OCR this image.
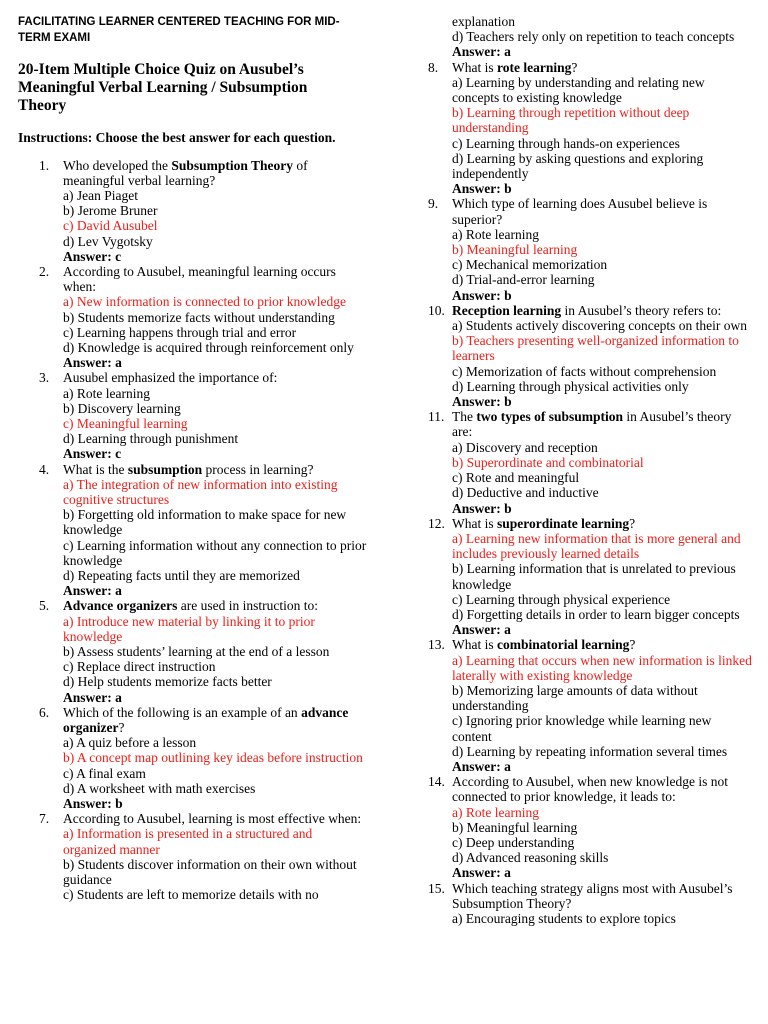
FACILITATING LEARNER CENTERED TEACHING FOR MID-TERM EXAMI
20-Item Multiple Choice Quiz on Ausubel’s Meaningful Verbal Learning / Subsumption Theory
Instructions: Choose the best answer for each question.
1. Who developed the Subsumption Theory of meaningful verbal learning?
a) Jean Piaget
b) Jerome Bruner
c) David Ausubel
d) Lev Vygotsky
Answer: c
2. According to Ausubel, meaningful learning occurs when:
a) New information is connected to prior knowledge
b) Students memorize facts without understanding
c) Learning happens through trial and error
d) Knowledge is acquired through reinforcement only
Answer: a
3. Ausubel emphasized the importance of:
a) Rote learning
b) Discovery learning
c) Meaningful learning
d) Learning through punishment
Answer: c
4. What is the subsumption process in learning?
a) The integration of new information into existing cognitive structures
b) Forgetting old information to make space for new knowledge
c) Learning information without any connection to prior knowledge
d) Repeating facts until they are memorized
Answer: a
5. Advance organizers are used in instruction to:
a) Introduce new material by linking it to prior knowledge
b) Assess students’ learning at the end of a lesson
c) Replace direct instruction
d) Help students memorize facts better
Answer: a
6. Which of the following is an example of an advance organizer?
a) A quiz before a lesson
b) A concept map outlining key ideas before instruction
c) A final exam
d) A worksheet with math exercises
Answer: b
7. According to Ausubel, learning is most effective when:
a) Information is presented in a structured and organized manner
b) Students discover information on their own without guidance
c) Students are left to memorize details with no
explanation
d) Teachers rely only on repetition to teach concepts
Answer: a
8. What is rote learning?
a) Learning by understanding and relating new concepts to existing knowledge
b) Learning through repetition without deep understanding
c) Learning through hands-on experiences
d) Learning by asking questions and exploring independently
Answer: b
9. Which type of learning does Ausubel believe is superior?
a) Rote learning
b) Meaningful learning
c) Mechanical memorization
d) Trial-and-error learning
Answer: b
10. Reception learning in Ausubel’s theory refers to:
a) Students actively discovering concepts on their own
b) Teachers presenting well-organized information to learners
c) Memorization of facts without comprehension
d) Learning through physical activities only
Answer: b
11. The two types of subsumption in Ausubel’s theory are:
a) Discovery and reception
b) Superordinate and combinatorial
c) Rote and meaningful
d) Deductive and inductive
Answer: b
12. What is superordinate learning?
a) Learning new information that is more general and includes previously learned details
b) Learning information that is unrelated to previous knowledge
c) Learning through physical experience
d) Forgetting details in order to learn bigger concepts
Answer: a
13. What is combinatorial learning?
a) Learning that occurs when new information is linked laterally with existing knowledge
b) Memorizing large amounts of data without understanding
c) Ignoring prior knowledge while learning new content
d) Learning by repeating information several times
Answer: a
14. According to Ausubel, when new knowledge is not connected to prior knowledge, it leads to:
a) Rote learning
b) Meaningful learning
c) Deep understanding
d) Advanced reasoning skills
Answer: a
15. Which teaching strategy aligns most with Ausubel’s Subsumption Theory?
a) Encouraging students to explore topics
